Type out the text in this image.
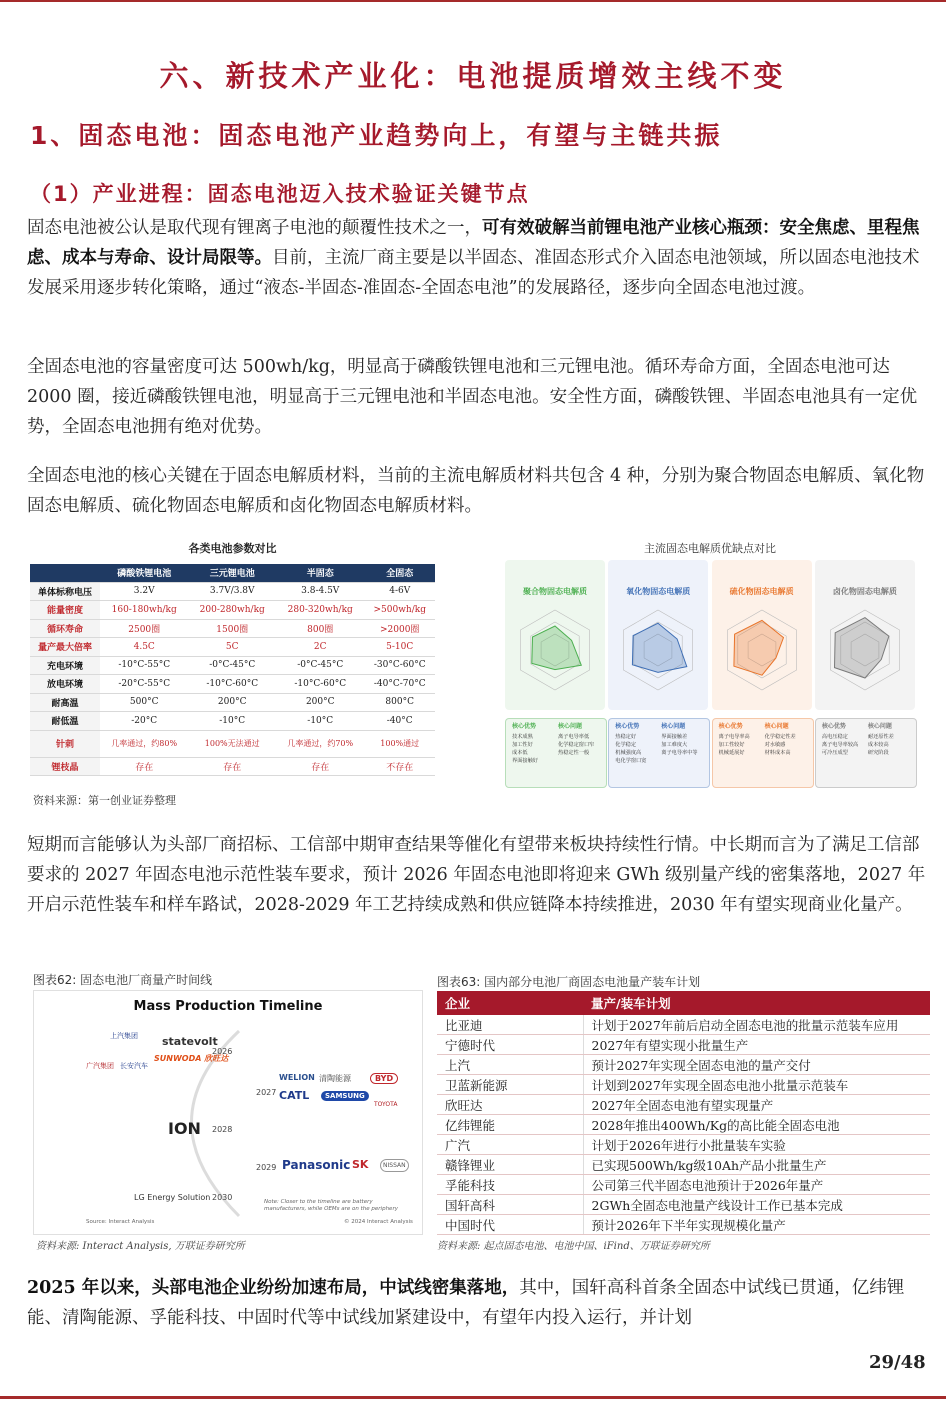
六、新技术产业化：电池提质增效主线不变
1、固态电池：固态电池产业趋势向上，有望与主链共振
（1）产业进程：固态电池迈入技术验证关键节点

固态电池被公认是取代现有锂离子电池的颠覆性技术之一，可有效破解当前锂电池产业核心瓶颈：安全焦虑、里程焦虑、成本与寿命、设计局限等。目前，主流厂商主要是以半固态、准固态形式介入固态电池领域，所以固态电池技术发展采用逐步转化策略，通过“液态-半固态-准固态-全固态电池”的发展路径，逐步向全固态电池过渡。

全固态电池的容量密度可达 500wh/kg，明显高于磷酸铁锂电池和三元锂电池。循环寿命方面，全固态电池可达 2000 圈，接近磷酸铁锂电池，明显高于三元锂电池和半固态电池。安全性方面，磷酸铁锂、半固态电池具有一定优势，全固态电池拥有绝对优势。

全固态电池的核心关键在于固态电解质材料，当前的主流电解质材料共包含 4 种，分别为聚合物固态电解质、氧化物固态电解质、硫化物固态电解质和卤化物固态电解质材料。

各类电池参数对比
	磷酸铁锂电池	三元锂电池	半固态	全固态
单体标称电压	3.2V	3.7V/3.8V	3.8-4.5V	4-6V
能量密度	160-180wh/kg	200-280wh/kg	280-320wh/kg	>500wh/kg
循环寿命	2500圈	1500圈	800圈	>2000圈
量产最大倍率	4.5C	5C	2C	5-10C
充电环境	-10°C-55°C	-0°C-45°C	-0°C-45°C	-30°C-60°C
放电环境	-20°C-55°C	-10°C-60°C	-10°C-60°C	-40°C-70°C
耐高温	500°C	200°C	200°C	800°C
耐低温	-20°C	-10°C	-10°C	-40°C
针刺	几率通过，约80%	100%无法通过	几率通过，约70%	100%通过
锂枝晶	存在	存在	存在	不存在
资料来源：第一创业证券整理
主流固态电解质优缺点对比
聚合物固态电解质
核心优势	核心问题
技术成熟
加工性好
成本低
界面接触好
离子电导率低
化学稳定窗口窄
热稳定性一般
氧化物固态电解质
核心优势	核心问题
热稳定好
化学稳定
机械强度高
电化学窗口宽
界面接触差
加工难度大
离子电导率中等
硫化物固态电解质
核心优势	核心问题
离子电导率高
加工性较好
机械延展好
化学稳定性差
对水敏感
材料成本高
卤化物固态电解质
核心优势	核心问题
高电压稳定
离子电导率较高
可冷压成型
耐还原性差
成本较高
研究阶段

短期而言能够认为头部厂商招标、工信部中期审查结果等催化有望带来板块持续性行情。中长期而言为了满足工信部要求的 2027 年固态电池示范性装车要求，预计 2026 年固态电池即将迎来 GWh 级别量产线的密集落地，2027 年开启示范性装车和样车路试，2028-2029 年工艺持续成熟和供应链降本持续推进，2030 年有望实现商业化量产。

图表62: 固态电池厂商量产时间线
Mass Production Timeline
2026
2027
2028
2029
2030
statevolt
SUNWODA 欣旺达
上汽集团
广汽集团 长安汽车
WELION 清陶能源	BYD
CATL	SAMSUNG
TOYOTA
ION
Panasonic SK	NISSAN
LG Energy Solution	Note: Closer to the timeline are battery manufacturers, while OEMs are on the periphery
Source: Interact Analysis	© 2024 Interact Analysis
资料来源: Interact Analysis, 万联证券研究所
图表63: 国内部分电池厂商固态电池量产装车计划
企业	量产/装车计划
比亚迪	计划于2027年前后启动全固态电池的批量示范装车应用
宁德时代	2027年有望实现小批量生产
上汽	预计2027年实现全固态电池的量产交付
卫蓝新能源	计划到2027年实现全固态电池小批量示范装车
欣旺达	2027年全固态电池有望实现量产
亿纬锂能	2028年推出400Wh/Kg的高比能全固态电池
广汽	计划于2026年进行小批量装车实验
赣锋锂业	已实现500Wh/kg级10Ah产品小批量生产
孚能科技	公司第三代半固态电池预计于2026年量产
国轩高科	2GWh全固态电池量产线设计工作已基本完成
中国时代	预计2026年下半年实现规模化量产
资料来源: 起点固态电池、电池中国、iFind、万联证券研究所

2025 年以来，头部电池企业纷纷加速布局，中试线密集落地，其中，国轩高科首条全固态中试线已贯通，亿纬锂能、清陶能源、孚能科技、中固时代等中试线加紧建设中，有望年内投入运行，并计划

29/48
